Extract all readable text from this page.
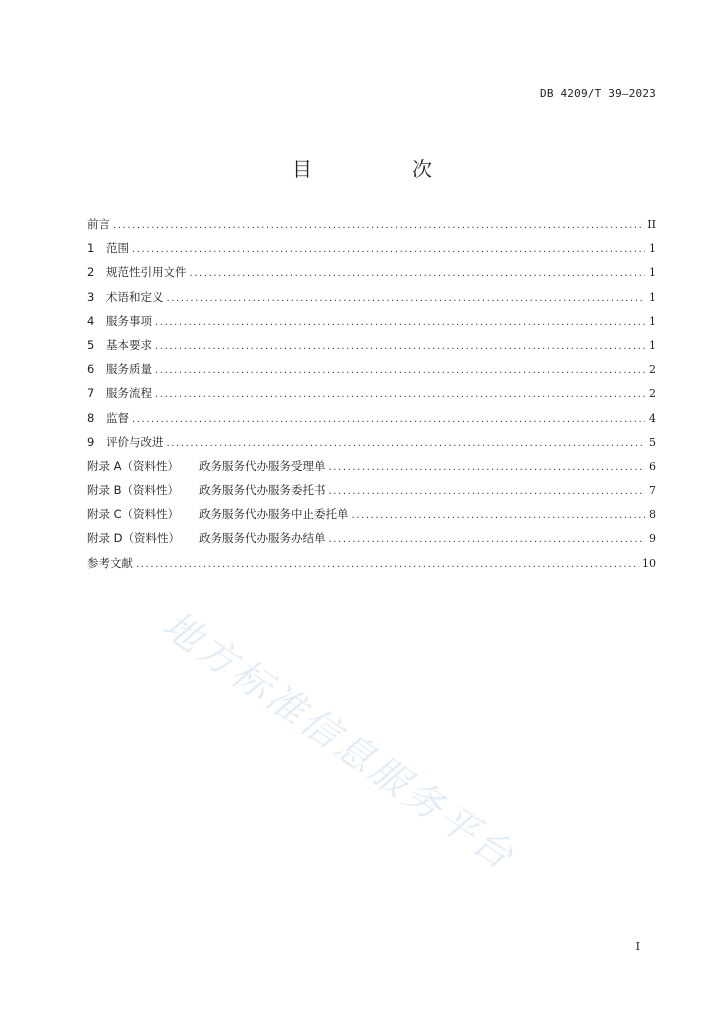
DB 4209/T 39—2023
目　次
前言 .....	II
1	范围 .....	1
2	规范性引用文件 .....	1
3	术语和定义 .....	1
4	服务事项 .....	1
5	基本要求 .....	1
6	服务质量 .....	2
7	服务流程 .....	2
8	监督 .....	4
9	评价与改进 .....	5
附录 A（资料性）	政务服务代办服务受理单 .....	6
附录 B（资料性）	政务服务代办服务委托书 .....	7
附录 C（资料性）	政务服务代办服务中止委托单 .....	8
附录 D（资料性）	政务服务代办服务办结单 .....	9
参考文献 .....	10
地方标准信息服务平台
I
